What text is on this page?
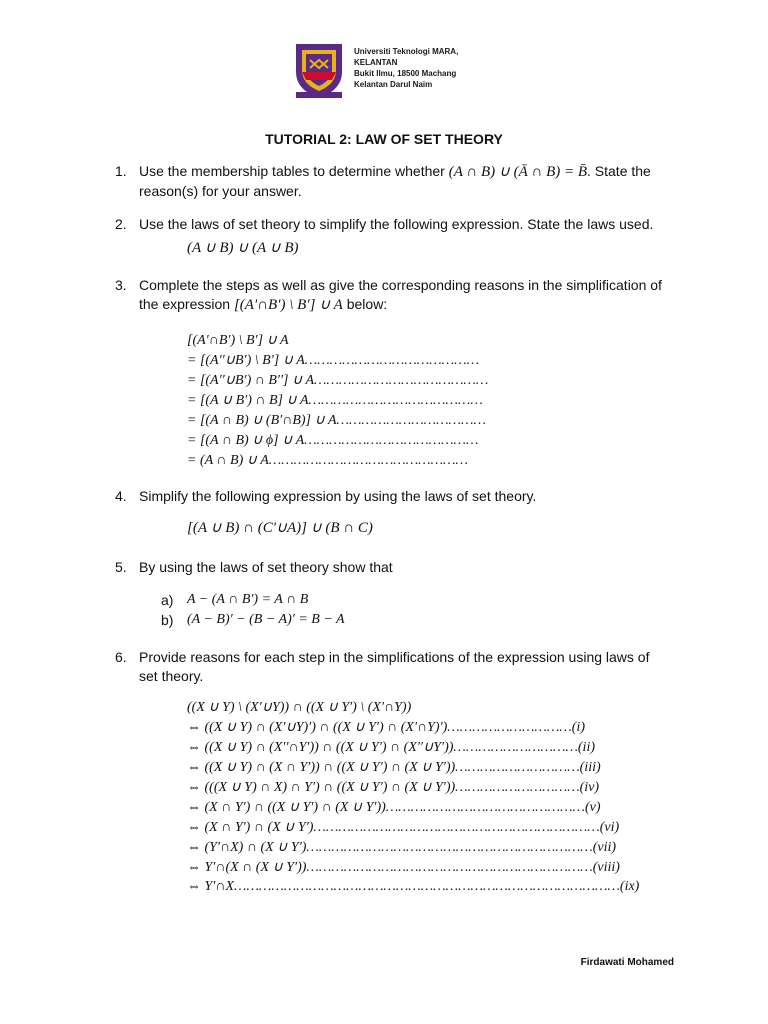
Universiti Teknologi MARA,
KELANTAN
Bukit Ilmu, 18500 Machang
Kelantan Darul Naim
TUTORIAL 2: LAW OF SET THEORY
1. Use the membership tables to determine whether (A ∩ B) ∪ (Ā ∩ B) = B̄. State the
reason(s) for your answer.
2. Use the laws of set theory to simplify the following expression. State the laws used.
(A ∪ B) ∪ (A ∪ B)
3. Complete the steps as well as give the corresponding reasons in the simplification of
the expression [(A′∩B′) \ B′] ∪ A below:
[(A′∩B′) \ B′] ∪ A
= [(A′′∪B′) \ B′] ∪ A……………………………………
= [(A′′∪B′) ∩ B′′] ∪ A……………………………………
= [(A ∪ B′) ∩ B] ∪ A……………………………………
= [(A ∩ B) ∪ (B′∩B)] ∪ A………………………………
= [(A ∩ B) ∪ ϕ] ∪ A……………………………………
= (A ∩ B) ∪ A…………………………………………
4. Simplify the following expression by using the laws of set theory.
[(A ∪ B) ∩ (C′∪A)] ∪ (B ∩ C)
5. By using the laws of set theory show that
a) A − (A ∩ B′) = A ∩ B
b) (A − B)′ − (B − A)′ = B − A
6. Provide reasons for each step in the simplifications of the expression using laws of
set theory.
((X ∪ Y) \ (X′∪Y)) ∩ ((X ∪ Y′) \ (X′∩Y))
⇔ ((X ∪ Y) ∩ (X′∪Y)′) ∩ ((X ∪ Y′) ∩ (X′∩Y)′)…………………………(i)
⇔ ((X ∪ Y) ∩ (X′′∩Y′)) ∩ ((X ∪ Y′) ∩ (X′′∪Y′))…………………………(ii)
⇔ ((X ∪ Y) ∩ (X ∩ Y′)) ∩ ((X ∪ Y′) ∩ (X ∪ Y′))…………………………(iii)
⇔ (((X ∪ Y) ∩ X) ∩ Y′) ∩ ((X ∪ Y′) ∩ (X ∪ Y′))…………………………(iv)
⇔ (X ∩ Y′) ∩ ((X ∪ Y′) ∩ (X ∪ Y′))…………………………………………(v)
⇔ (X ∩ Y′) ∩ (X ∪ Y′)……………………………………………………………(vi)
⇔ (Y′∩X) ∩ (X ∪ Y′)……………………………………………………………(vii)
⇔ Y′∩(X ∩ (X ∪ Y′))……………………………………………………………(viii)
⇔ Y′∩X…………………………………………………………………………………(ix)
Firdawati Mohamed
